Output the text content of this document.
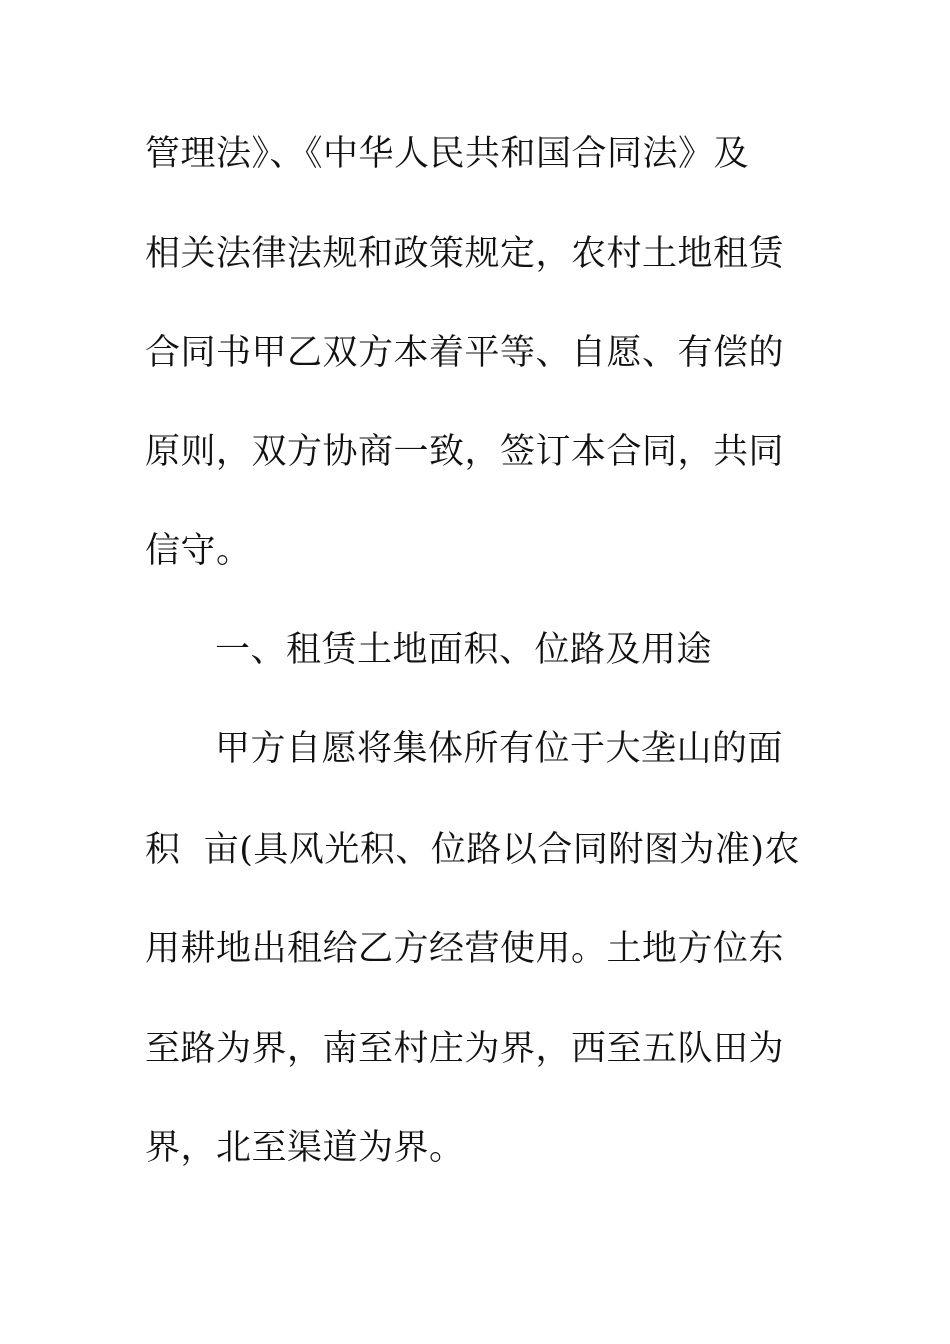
管理法》、《中华人民共和国合同法》及

相关法律法规和政策规定，农村土地租赁

合同书甲乙双方本着平等、自愿、有偿的

原则，双方协商一致，签订本合同，共同

信守。

一、租赁土地面积、位路及用途

甲方自愿将集体所有位于大垄山的面

积  亩(具风光积、位路以合同附图为准)农

用耕地出租给乙方经营使用。土地方位东

至路为界，南至村庄为界，西至五队田为

界，北至渠道为界。
